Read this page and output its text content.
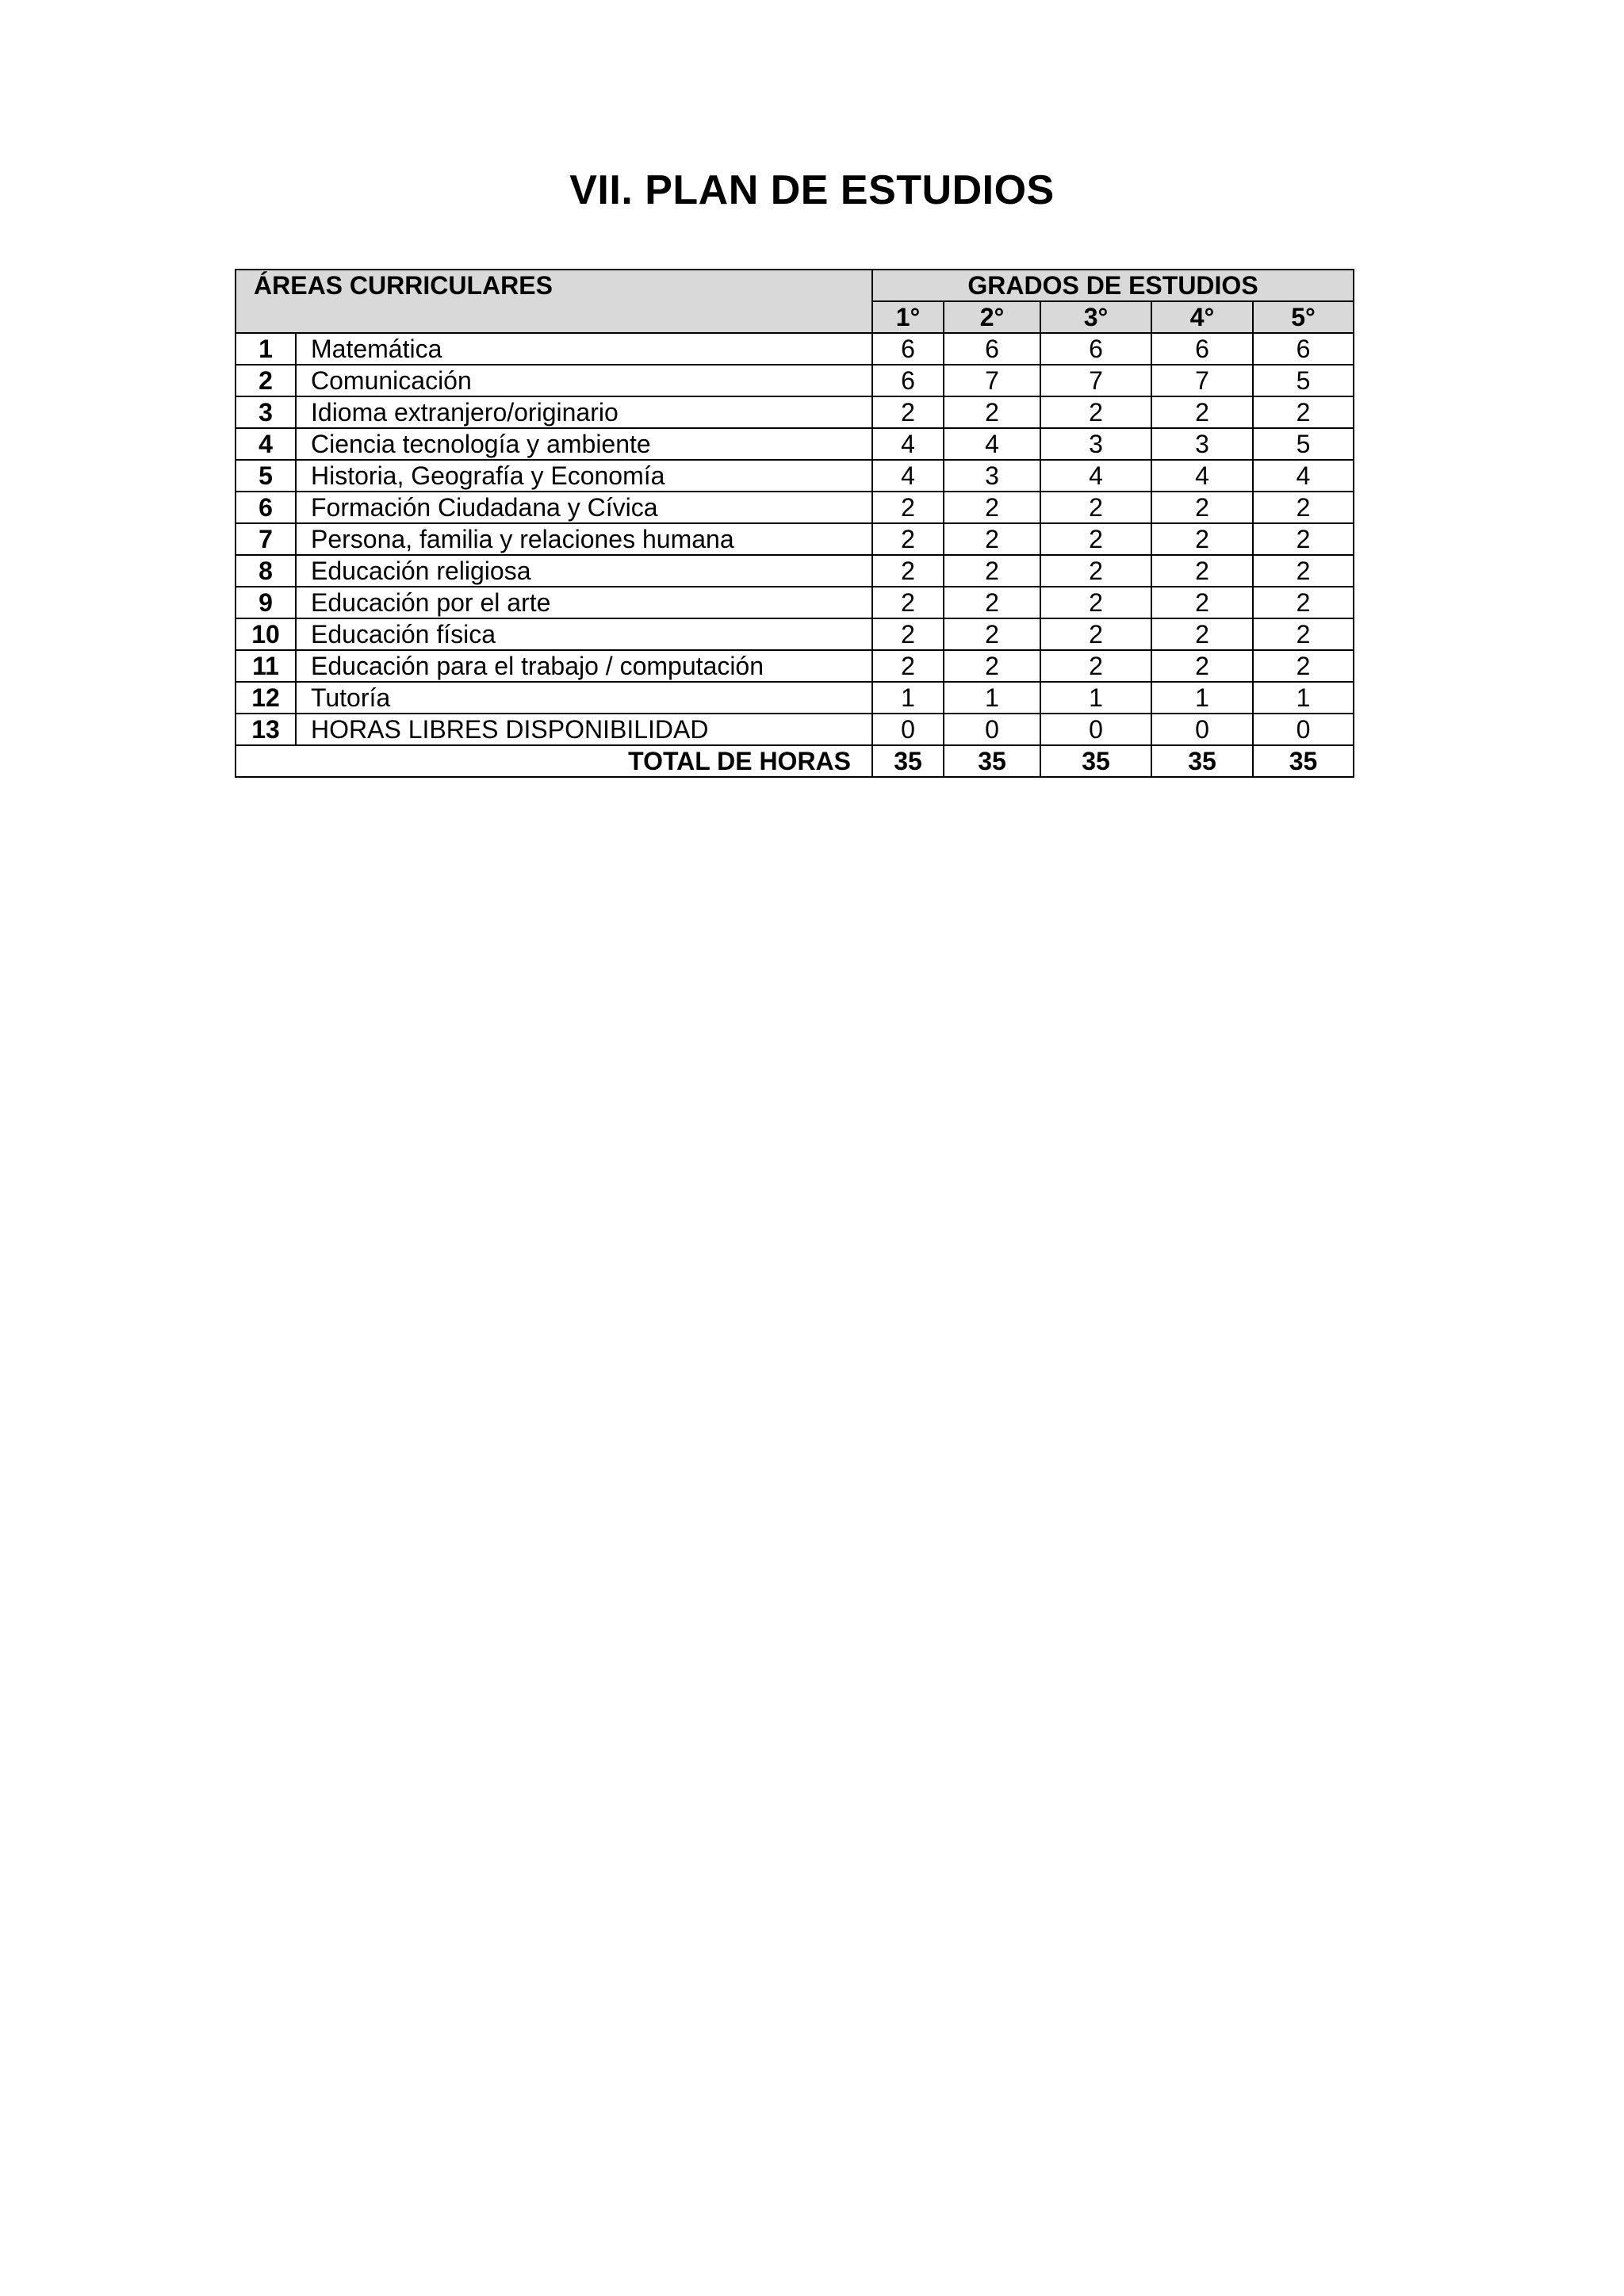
VII. PLAN DE ESTUDIOS
ÁREAS CURRICULARES		GRADOS DE ESTUDIOS				
		1°	2°	3°	4°	5°
1	Matemática	6	6	6	6	6
2	Comunicación	6	7	7	7	5
3	Idioma extranjero/originario	2	2	2	2	2
4	Ciencia tecnología y ambiente	4	4	3	3	5
5	Historia, Geografía y Economía	4	3	4	4	4
6	Formación Ciudadana y Cívica	2	2	2	2	2
7	Persona, familia y relaciones humana	2	2	2	2	2
8	Educación religiosa	2	2	2	2	2
9	Educación por el arte	2	2	2	2	2
10	Educación física	2	2	2	2	2
11	Educación para el trabajo / computación	2	2	2	2	2
12	Tutoría	1	1	1	1	1
13	HORAS LIBRES DISPONIBILIDAD	0	0	0	0	0
TOTAL DE HORAS		35	35	35	35	35
